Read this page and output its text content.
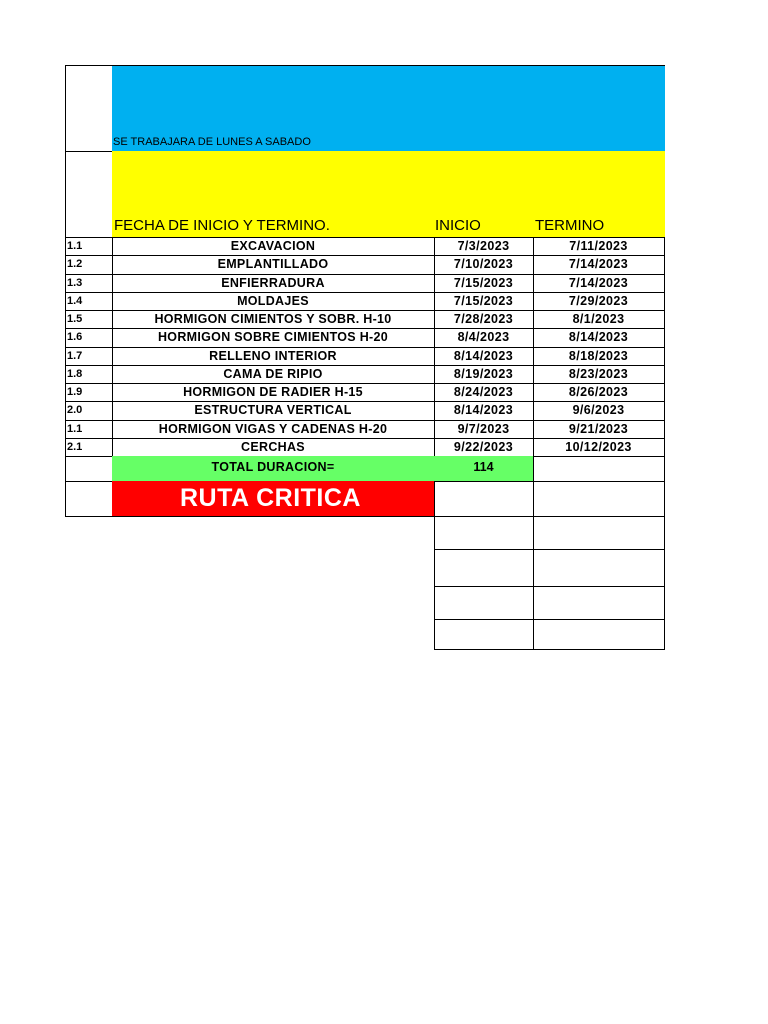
SE TRABAJARA DE LUNES A SABADO
FECHA DE INICIO Y TERMINO.	INICIO	TERMINO
1.1	EXCAVACION	7/3/2023	7/11/2023
1.2	EMPLANTILLADO	7/10/2023	7/14/2023
1.3	ENFIERRADURA	7/15/2023	7/14/2023
1.4	MOLDAJES	7/15/2023	7/29/2023
1.5	HORMIGON CIMIENTOS Y SOBR. H-10	7/28/2023	8/1/2023
1.6	HORMIGON SOBRE CIMIENTOS H-20	8/4/2023	8/14/2023
1.7	RELLENO INTERIOR	8/14/2023	8/18/2023
1.8	CAMA DE RIPIO	8/19/2023	8/23/2023
1.9	HORMIGON DE RADIER H-15	8/24/2023	8/26/2023
2.0	ESTRUCTURA VERTICAL	8/14/2023	9/6/2023
1.1	HORMIGON VIGAS Y CADENAS H-20	9/7/2023	9/21/2023
2.1	CERCHAS	9/22/2023	10/12/2023
TOTAL DURACION=	114
RUTA CRITICA
